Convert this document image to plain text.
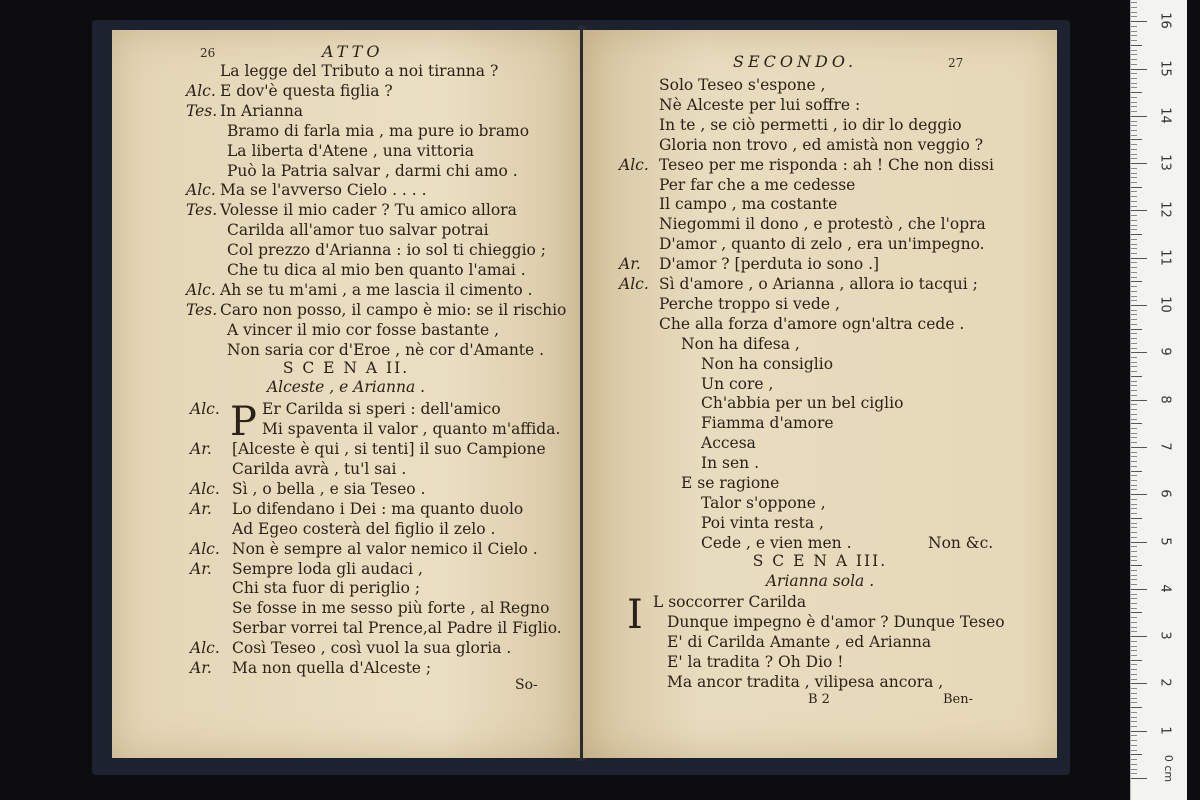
26	ATTO
La legge del Tributo a noi tiranna ?
Alc. E dov'è questa figlia ?
Tes. In Arianna
Bramo di farla mia , ma pure io bramo
La liberta d'Atene , una vittoria
Può la Patria salvar , darmi chi amo .
Alc. Ma se l'avverso Cielo . . . .
Tes. Volesse il mio cader ? Tu amico allora
Carilda all'amor tuo salvar potrai
Col prezzo d'Arianna : io sol ti chieggio ;
Che tu dica al mio ben quanto l'amai .
Alc. Ah se tu m'ami , a me lascia il cimento .
Tes. Caro non posso, il campo è mio: se il rischio
A vincer il mio cor fosse bastante ,
Non saria cor d'Eroe , nè cor d'Amante .
S C E N A II.
Alceste , e Arianna .
P
Alc.	Er Carilda si speri : dell'amico
Mi spaventa il valor , quanto m'affida.
Ar. [Alceste è qui , si tenti] il suo Campione
Carilda avrà , tu'l sai .
Alc. Sì , o bella , e sia Teseo .
Ar. Lo difendano i Dei : ma quanto duolo
Ad Egeo costerà del figlio il zelo .
Alc. Non è sempre al valor nemico il Cielo .
Ar. Sempre loda gli audaci ,
Chi sta fuor di periglio ;
Se fosse in me sesso più forte , al Regno
Serbar vorrei tal Prence,al Padre il Figlio.
Alc. Così Teseo , così vuol la sua gloria .
Ar. Ma non quella d'Alceste ;
So-
SECONDO.	27
Solo Teseo s'espone ,
Nè Alceste per lui soffre :
In te , se ciò permetti , io dir lo deggio
Gloria non trovo , ed amistà non veggio ?
Alc. Teseo per me risponda : ah ! Che non dissi
Per far che a me cedesse
Il campo , ma costante
Niegommi il dono , e protestò , che l'opra
D'amor , quanto di zelo , era un'impegno.
Ar. D'amor ? [perduta io sono .]
Alc. Sì d'amore , o Arianna , allora io tacqui ;
Perche troppo si vede ,
Che alla forza d'amore ogn'altra cede .
Non ha difesa ,
Non ha consiglio
Un core ,
Ch'abbia per un bel ciglio
Fiamma d'amore
Accesa
In sen .
E se ragione
Talor s'oppone ,
Poi vinta resta ,
Cede , e vien men .	Non &c.
S C E N A III.
Arianna sola .
I L soccorrer Carilda
Dunque impegno è d'amor ? Dunque Teseo
E' di Carilda Amante , ed Arianna
E' la tradita ? Oh Dio !
Ma ancor tradita , vilipesa ancora ,
B 2	Ben-
0 cm
1
2
3
4
5
6
7
8
9
10
11
12
13
14
15
16
